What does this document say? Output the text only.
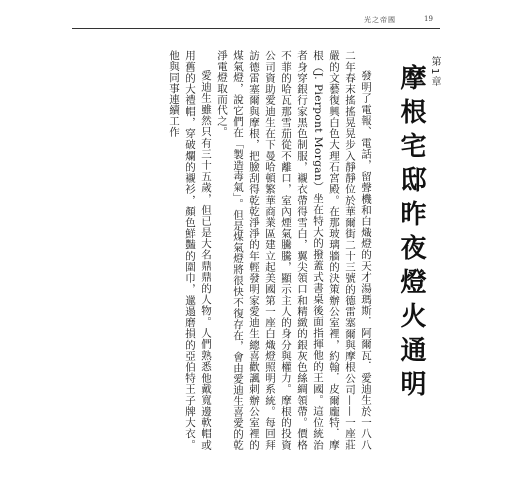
光之帝國	19
第1章
摩根宅邸昨夜燈火通明

發明了電報、電話，留聲機和白熾燈的天才湯瑪斯．阿爾瓦．愛迪生於一八八二年春末搖搖晃晃步入靜靜位於華爾街二十三號的德雷塞爾與摩根公司——一座莊嚴的文藝復興白色大理石宮殿。在那玻璃牆的決策辦公室裡，約翰．皮爾龐特．摩根（J. Pierpont Morgan）坐在特大的撥蓋式書桌後面指揮他的王國。這位統治者身穿銀行家黑色制服，襯衣帶得雪白，翼尖領口和精緻的銀灰色絲綢領帶。價格不菲的哈瓦那雪茄從不離口，室內煙氣騰騰，顯示主人的身分與權力。摩根的投資公司資助愛迪生在下曼哈頓繁華商業區建立起美國第一座白熾燈照明系統。每回拜訪德雷塞爾與摩根，把臉刮得乾乾淨淨的年輕發明家愛迪生總喜歡諷刺辦公室裡的煤氣燈，說它們在「製造毒氣」。但是煤氣燈將很快不復存在，會由愛迪生喜愛的乾淨電燈取而代之。

愛迪生雖然只有三十五歲，但已是大名鼎鼎的人物。人們熟悉他戴寬邊軟帽或用舊的大禮帽，穿破爛的襯衫，顏色鮮豔的圍巾，邋遢磨損的亞伯特王子牌大衣。他與同事連續工作
